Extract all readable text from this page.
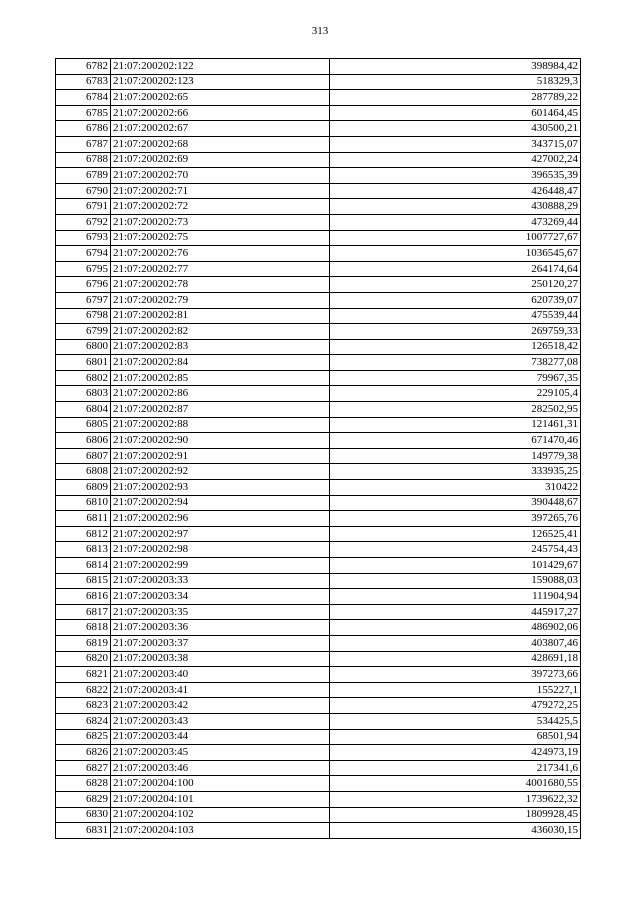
313
6782	21:07:200202:122	398984,42
6783	21:07:200202:123	518329,3
6784	21:07:200202:65	287789,22
6785	21:07:200202:66	601464,45
6786	21:07:200202:67	430500,21
6787	21:07:200202:68	343715,07
6788	21:07:200202:69	427002,24
6789	21:07:200202:70	396535,39
6790	21:07:200202:71	426448,47
6791	21:07:200202:72	430888,29
6792	21:07:200202:73	473269,44
6793	21:07:200202:75	1007727,67
6794	21:07:200202:76	1036545,67
6795	21:07:200202:77	264174,64
6796	21:07:200202:78	250120,27
6797	21:07:200202:79	620739,07
6798	21:07:200202:81	475539,44
6799	21:07:200202:82	269759,33
6800	21:07:200202:83	126518,42
6801	21:07:200202:84	738277,08
6802	21:07:200202:85	79967,35
6803	21:07:200202:86	229105,4
6804	21:07:200202:87	282502,95
6805	21:07:200202:88	121461,31
6806	21:07:200202:90	671470,46
6807	21:07:200202:91	149779,38
6808	21:07:200202:92	333935,25
6809	21:07:200202:93	310422
6810	21:07:200202:94	390448,67
6811	21:07:200202:96	397265,76
6812	21:07:200202:97	126525,41
6813	21:07:200202:98	245754,43
6814	21:07:200202:99	101429,67
6815	21:07:200203:33	159088,03
6816	21:07:200203:34	111904,94
6817	21:07:200203:35	445917,27
6818	21:07:200203:36	486902,06
6819	21:07:200203:37	403807,46
6820	21:07:200203:38	428691,18
6821	21:07:200203:40	397273,66
6822	21:07:200203:41	155227,1
6823	21:07:200203:42	479272,25
6824	21:07:200203:43	534425,5
6825	21:07:200203:44	68501,94
6826	21:07:200203:45	424973,19
6827	21:07:200203:46	217341,6
6828	21:07:200204:100	4001680,55
6829	21:07:200204:101	1739622,32
6830	21:07:200204:102	1809928,45
6831	21:07:200204:103	436030,15
